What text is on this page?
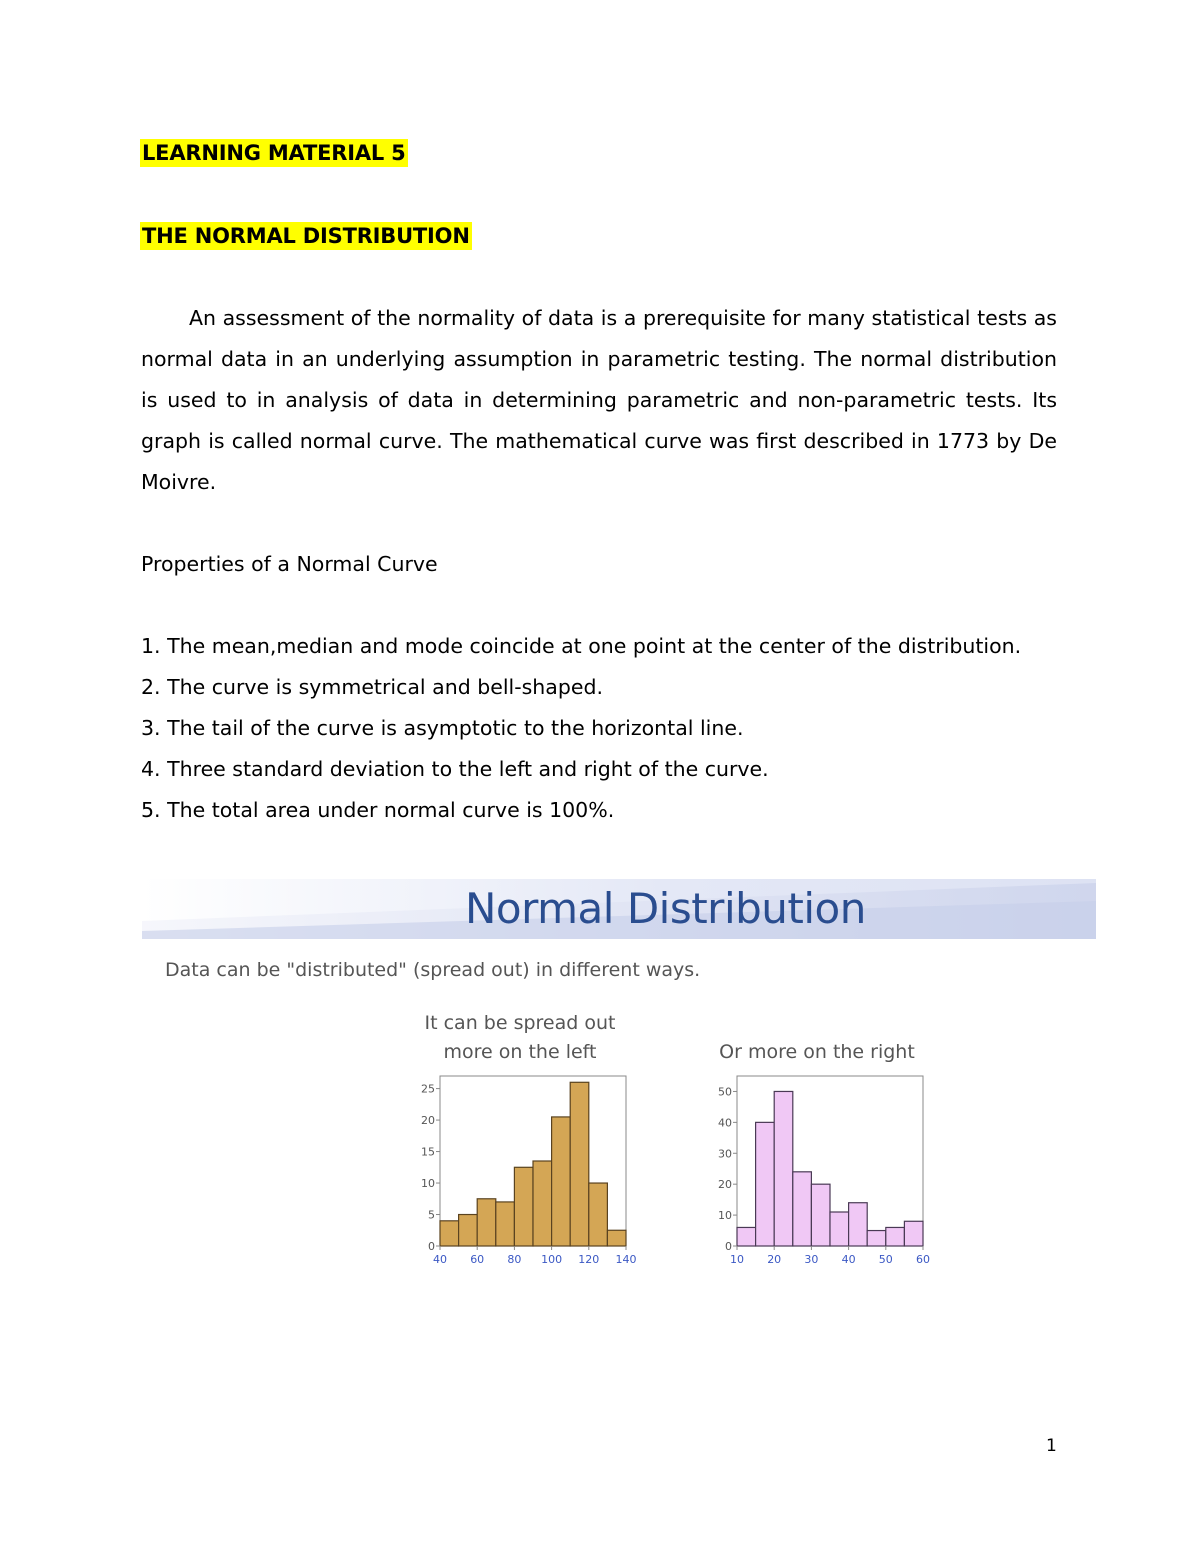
LEARNING MATERIAL 5
THE NORMAL DISTRIBUTION

An assessment of the normality of data is a prerequisite for many statistical tests as normal data in an underlying assumption in parametric testing. The normal distribution is used to in analysis of data in determining parametric and non-parametric tests. Its graph is called normal curve. The mathematical curve was first described in 1773 by De Moivre.

Properties of a Normal Curve
1. The mean,median and mode coincide at one point at the center of the distribution.
2. The curve is symmetrical and bell-shaped.
3. The tail of the curve is asymptotic to the horizontal line.
4. Three standard deviation to the left and right of the curve.
5. The total area under normal curve is 100%.
Normal Distribution
Data can be "distributed" (spread out) in different ways.
It can be spread out
more on the left	Or more on the right
0
5
10
15
20
25
40 60 80 100 120 140
0
10
20
30
40
50
10 20 30 40 50 60
1
